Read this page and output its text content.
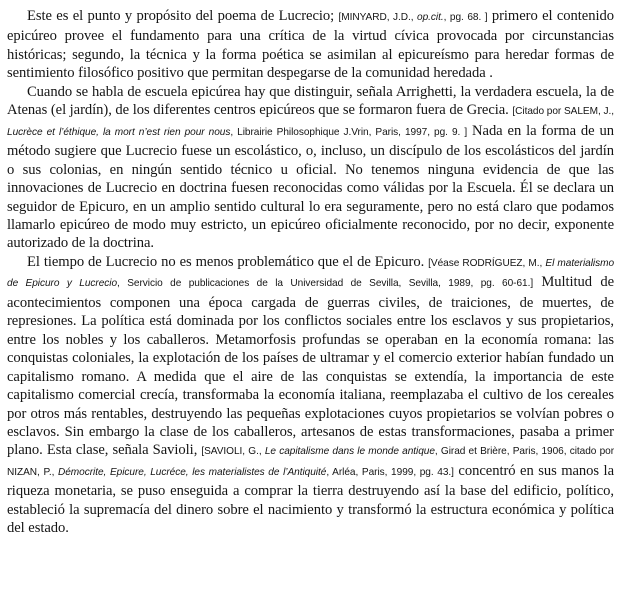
Este es el punto y propósito del poema de Lucrecio; [MINYARD, J.D., op.cit., pg. 68. ] primero el contenido epicúreo provee el fundamento para una crítica de la virtud cívica provocada por circunstancias históricas; segundo, la técnica y la forma poética se asimilan al epicureísmo para heredar formas de sentimiento filosófico positivo que permitan despegarse de la comunidad heredada .

Cuando se habla de escuela epicúrea hay que distinguir, señala Arrighetti, la verdadera escuela, la de Atenas (el jardín), de los diferentes centros epicúreos que se formaron fuera de Grecia. [Citado por SALEM, J., Lucrèce et l’éthique, la mort n’est rien pour nous, Librairie Philosophique J.Vrin, Paris, 1997, pg. 9. ] Nada en la forma de un método sugiere que Lucrecio fuese un escolástico, o, incluso, un discípulo de los escolásticos del jardín o sus colonias, en ningún sentido técnico u oficial. No tenemos ninguna evidencia de que las innovaciones de Lucrecio en doctrina fuesen reconocidas como válidas por la Escuela. Él se declara un seguidor de Epicuro, en un amplio sentido cultural lo era seguramente, pero no está claro que podamos llamarlo epicúreo de modo muy estricto, un epicúreo oficialmente reconocido, por no decir, exponente autorizado de la doctrina.

El tiempo de Lucrecio no es menos problemático que el de Epicuro. [Véase RODRÍGUEZ, M., El materialismo de Epicuro y Lucrecio, Servicio de publicaciones de la Universidad de Sevilla, Sevilla, 1989, pg. 60-61.] Multitud de acontecimientos componen una época cargada de guerras civiles, de traiciones, de muertes, de represiones. La política está dominada por los conflictos sociales entre los esclavos y sus propietarios, entre los nobles y los caballeros. Metamorfosis profundas se operaban en la economía romana: las conquistas coloniales, la explotación de los países de ultramar y el comercio exterior habían fundado un capitalismo romano. A medida que el aire de las conquistas se extendía, la importancia de este capitalismo comercial crecía, transformaba la economía italiana, reemplazaba el cultivo de los cereales por otros más rentables, destruyendo las pequeñas explotaciones cuyos propietarios se volvían pobres o esclavos. Sin embargo la clase de los caballeros, artesanos de estas transformaciones, pasaba a primer plano. Esta clase, señala Savioli, [SAVIOLI, G., Le capitalisme dans le monde antique, Girad et Brière, Paris, 1906, citado por NIZAN, P., Démocrite, Epicure, Lucréce, les materialistes de l’Antiquité, Arléa, Paris, 1999, pg. 43.] concentró en sus manos la riqueza monetaria, se puso enseguida a comprar la tierra destruyendo así la base del edificio, político, estableció la supremacía del dinero sobre el nacimiento y transformó la estructura económica y política del estado.
